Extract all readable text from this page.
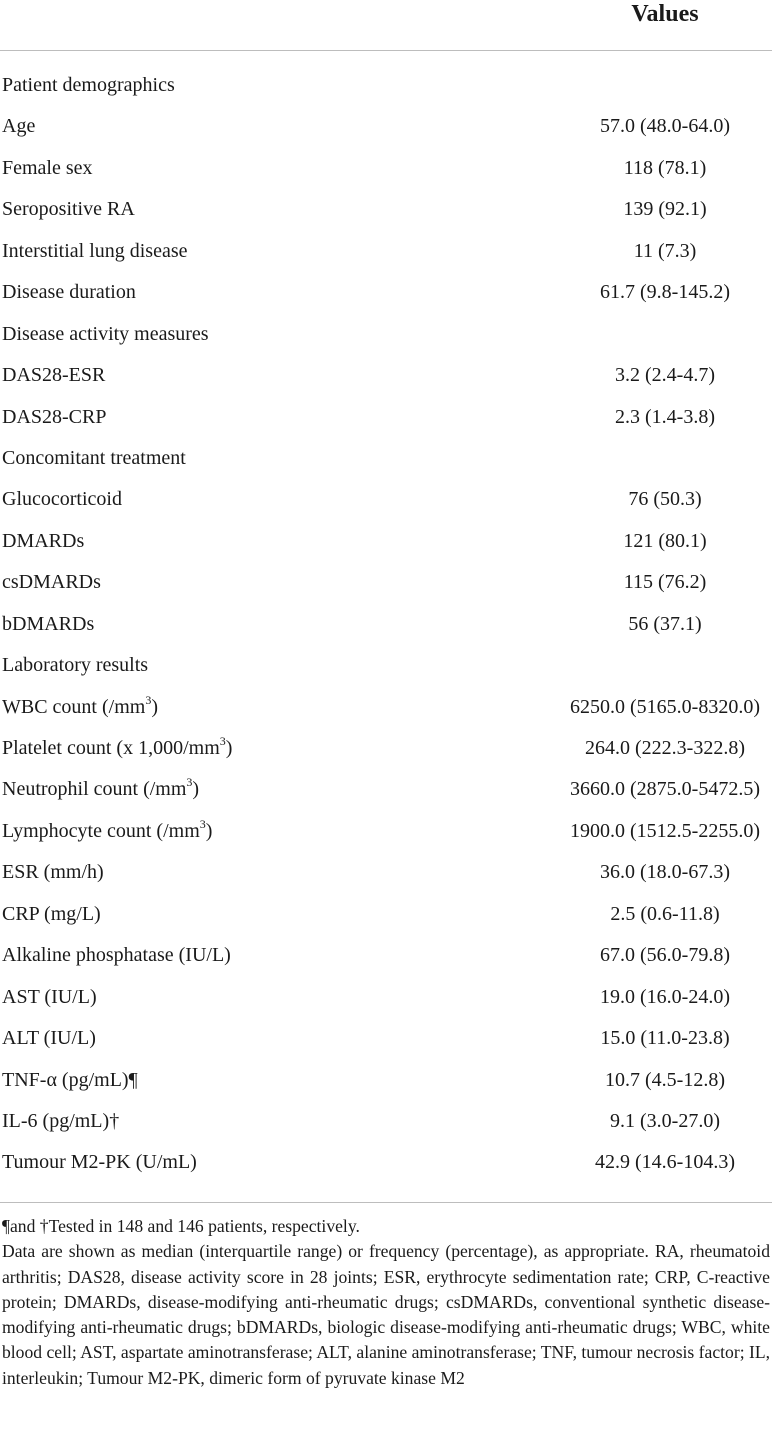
Values
Patient demographics
Age	57.0 (48.0-64.0)
Female sex	118 (78.1)
Seropositive RA	139 (92.1)
Interstitial lung disease	11 (7.3)
Disease duration	61.7 (9.8-145.2)
Disease activity measures
DAS28-ESR	3.2 (2.4-4.7)
DAS28-CRP	2.3 (1.4-3.8)
Concomitant treatment
Glucocorticoid	76 (50.3)
DMARDs	121 (80.1)
csDMARDs	115 (76.2)
bDMARDs	56 (37.1)
Laboratory results
WBC count $(/mm^3)$	6250.0 (5165.0-8320.0)
Platelet count (x $1,000/mm^3$)	264.0 (222.3-322.8)
Neutrophil count $(/mm^3)$	3660.0 (2875.0-5472.5)
Lymphocyte count $(/mm^3)$	1900.0 (1512.5-2255.0)
ESR (mm/h)	36.0 (18.0-67.3)
CRP (mg/L)	2.5 (0.6-11.8)
Alkaline phosphatase (IU/L)	67.0 (56.0-79.8)
AST (IU/L)	19.0 (16.0-24.0)
ALT (IU/L)	15.0 (11.0-23.8)
TNF-α (pg/mL)¶	10.7 (4.5-12.8)
IL-6 (pg/mL)†	9.1 (3.0-27.0)
Tumour M2-PK (U/mL)	42.9 (14.6-104.3)
¶and †Tested in 148 and 146 patients, respectively.
Data are shown as median (interquartile range) or frequency (percentage), as appropriate. RA, rheumatoid arthritis; DAS28, disease activity score in 28 joints; ESR, erythrocyte sedimentation rate; CRP, C-reactive protein; DMARDs, disease-modifying anti-rheumatic drugs; csDMARDs, conventional synthetic disease-modifying anti-rheumatic drugs; bDMARDs, biologic disease-modifying anti-rheumatic drugs; WBC, white blood cell; AST, aspartate aminotransferase; ALT, alanine aminotransferase; TNF, tumour necrosis factor; IL, interleukin; Tumour M2-PK, dimeric form of pyruvate kinase M2
